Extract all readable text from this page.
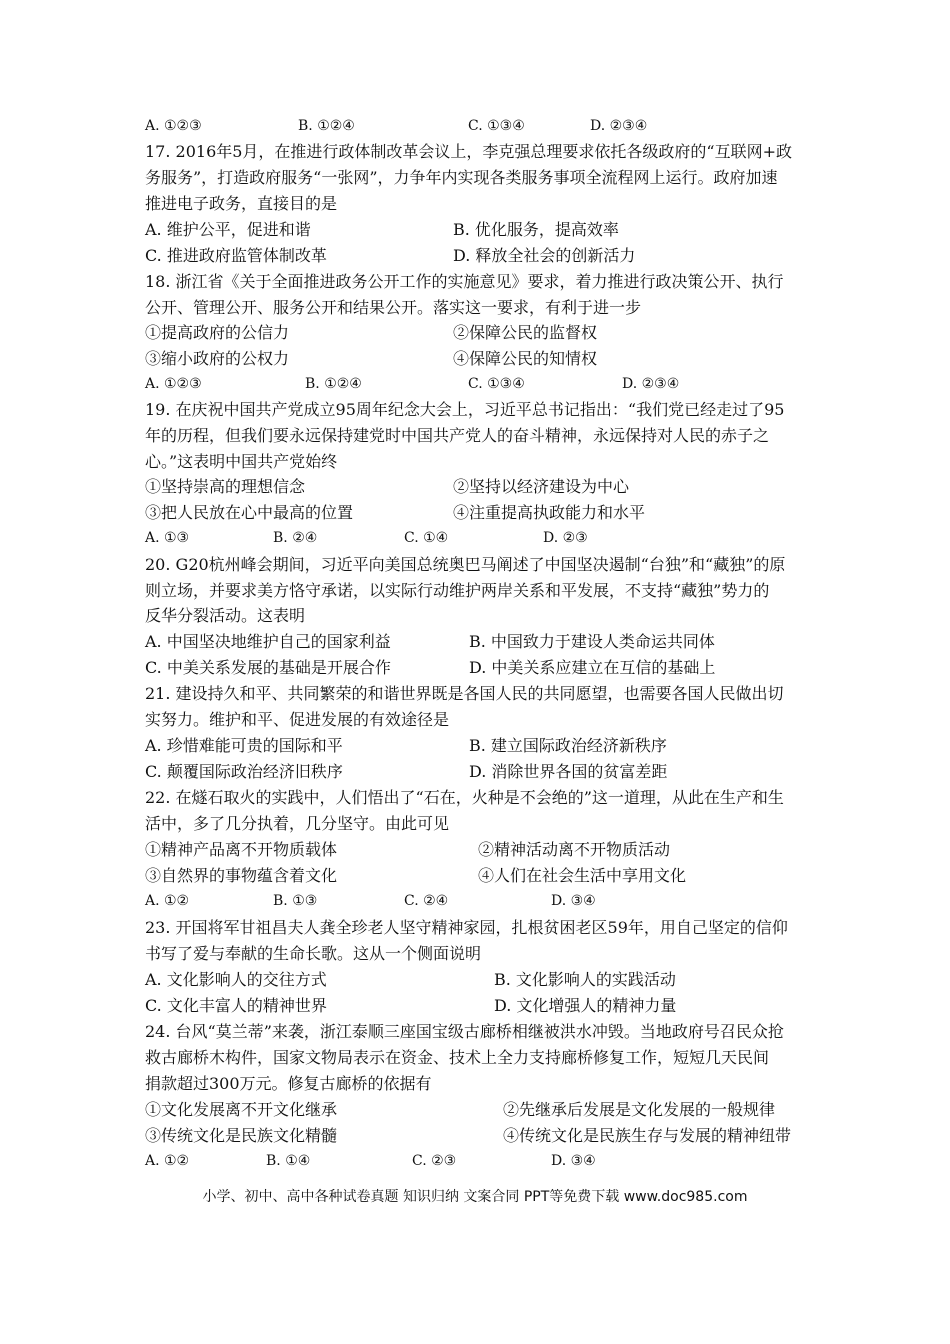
A. ①②③	B. ①②④	C. ①③④	D. ②③④
17. 2016年5月，在推进行政体制改革会议上，李克强总理要求依托各级政府的“互联网+政
务服务”，打造政府服务“一张网”，力争年内实现各类服务事项全流程网上运行。政府加速
推进电子政务，直接目的是
A. 维护公平，促进和谐	B. 优化服务，提高效率
C. 推进政府监管体制改革	D. 释放全社会的创新活力
18. 浙江省《关于全面推进政务公开工作的实施意见》要求，着力推进行政决策公开、执行
公开、管理公开、服务公开和结果公开。落实这一要求，有利于进一步
①提高政府的公信力	②保障公民的监督权
③缩小政府的公权力	④保障公民的知情权
A. ①②③	B. ①②④	C. ①③④	D. ②③④
19. 在庆祝中国共产党成立95周年纪念大会上，习近平总书记指出：“我们党已经走过了95
年的历程，但我们要永远保持建党时中国共产党人的奋斗精神，永远保持对人民的赤子之
心。”这表明中国共产党始终
①坚持崇高的理想信念	②坚持以经济建设为中心
③把人民放在心中最高的位置	④注重提高执政能力和水平
A. ①③	B. ②④	C. ①④	D. ②③
20. G20杭州峰会期间，习近平向美国总统奥巴马阐述了中国坚决遏制“台独”和“藏独”的原
则立场，并要求美方恪守承诺，以实际行动维护两岸关系和平发展，不支持“藏独”势力的
反华分裂活动。这表明
A. 中国坚决地维护自己的国家利益	B. 中国致力于建设人类命运共同体
C. 中美关系发展的基础是开展合作	D. 中美关系应建立在互信的基础上
21. 建设持久和平、共同繁荣的和谐世界既是各国人民的共同愿望，也需要各国人民做出切
实努力。维护和平、促进发展的有效途径是
A. 珍惜难能可贵的国际和平	B. 建立国际政治经济新秩序
C. 颠覆国际政治经济旧秩序	D. 消除世界各国的贫富差距
22. 在燧石取火的实践中，人们悟出了“石在，火种是不会绝的”这一道理，从此在生产和生
活中，多了几分执着，几分坚守。由此可见
①精神产品离不开物质载体	②精神活动离不开物质活动
③自然界的事物蕴含着文化	④人们在社会生活中享用文化
A. ①②	B. ①③	C. ②④	D. ③④
23. 开国将军甘祖昌夫人龚全珍老人坚守精神家园，扎根贫困老区59年，用自己坚定的信仰
书写了爱与奉献的生命长歌。这从一个侧面说明
A. 文化影响人的交往方式	B. 文化影响人的实践活动
C. 文化丰富人的精神世界	D. 文化增强人的精神力量
24. 台风“莫兰蒂”来袭，浙江泰顺三座国宝级古廊桥相继被洪水冲毁。当地政府号召民众抢
救古廊桥木构件，国家文物局表示在资金、技术上全力支持廊桥修复工作，短短几天民间
捐款超过300万元。修复古廊桥的依据有
①文化发展离不开文化继承	②先继承后发展是文化发展的一般规律
③传统文化是民族文化精髓	④传统文化是民族生存与发展的精神纽带
A. ①②	B. ①④	C. ②③	D. ③④
小学、初中、高中各种试卷真题 知识归纳 文案合同 PPT等免费下载 www.doc985.com
